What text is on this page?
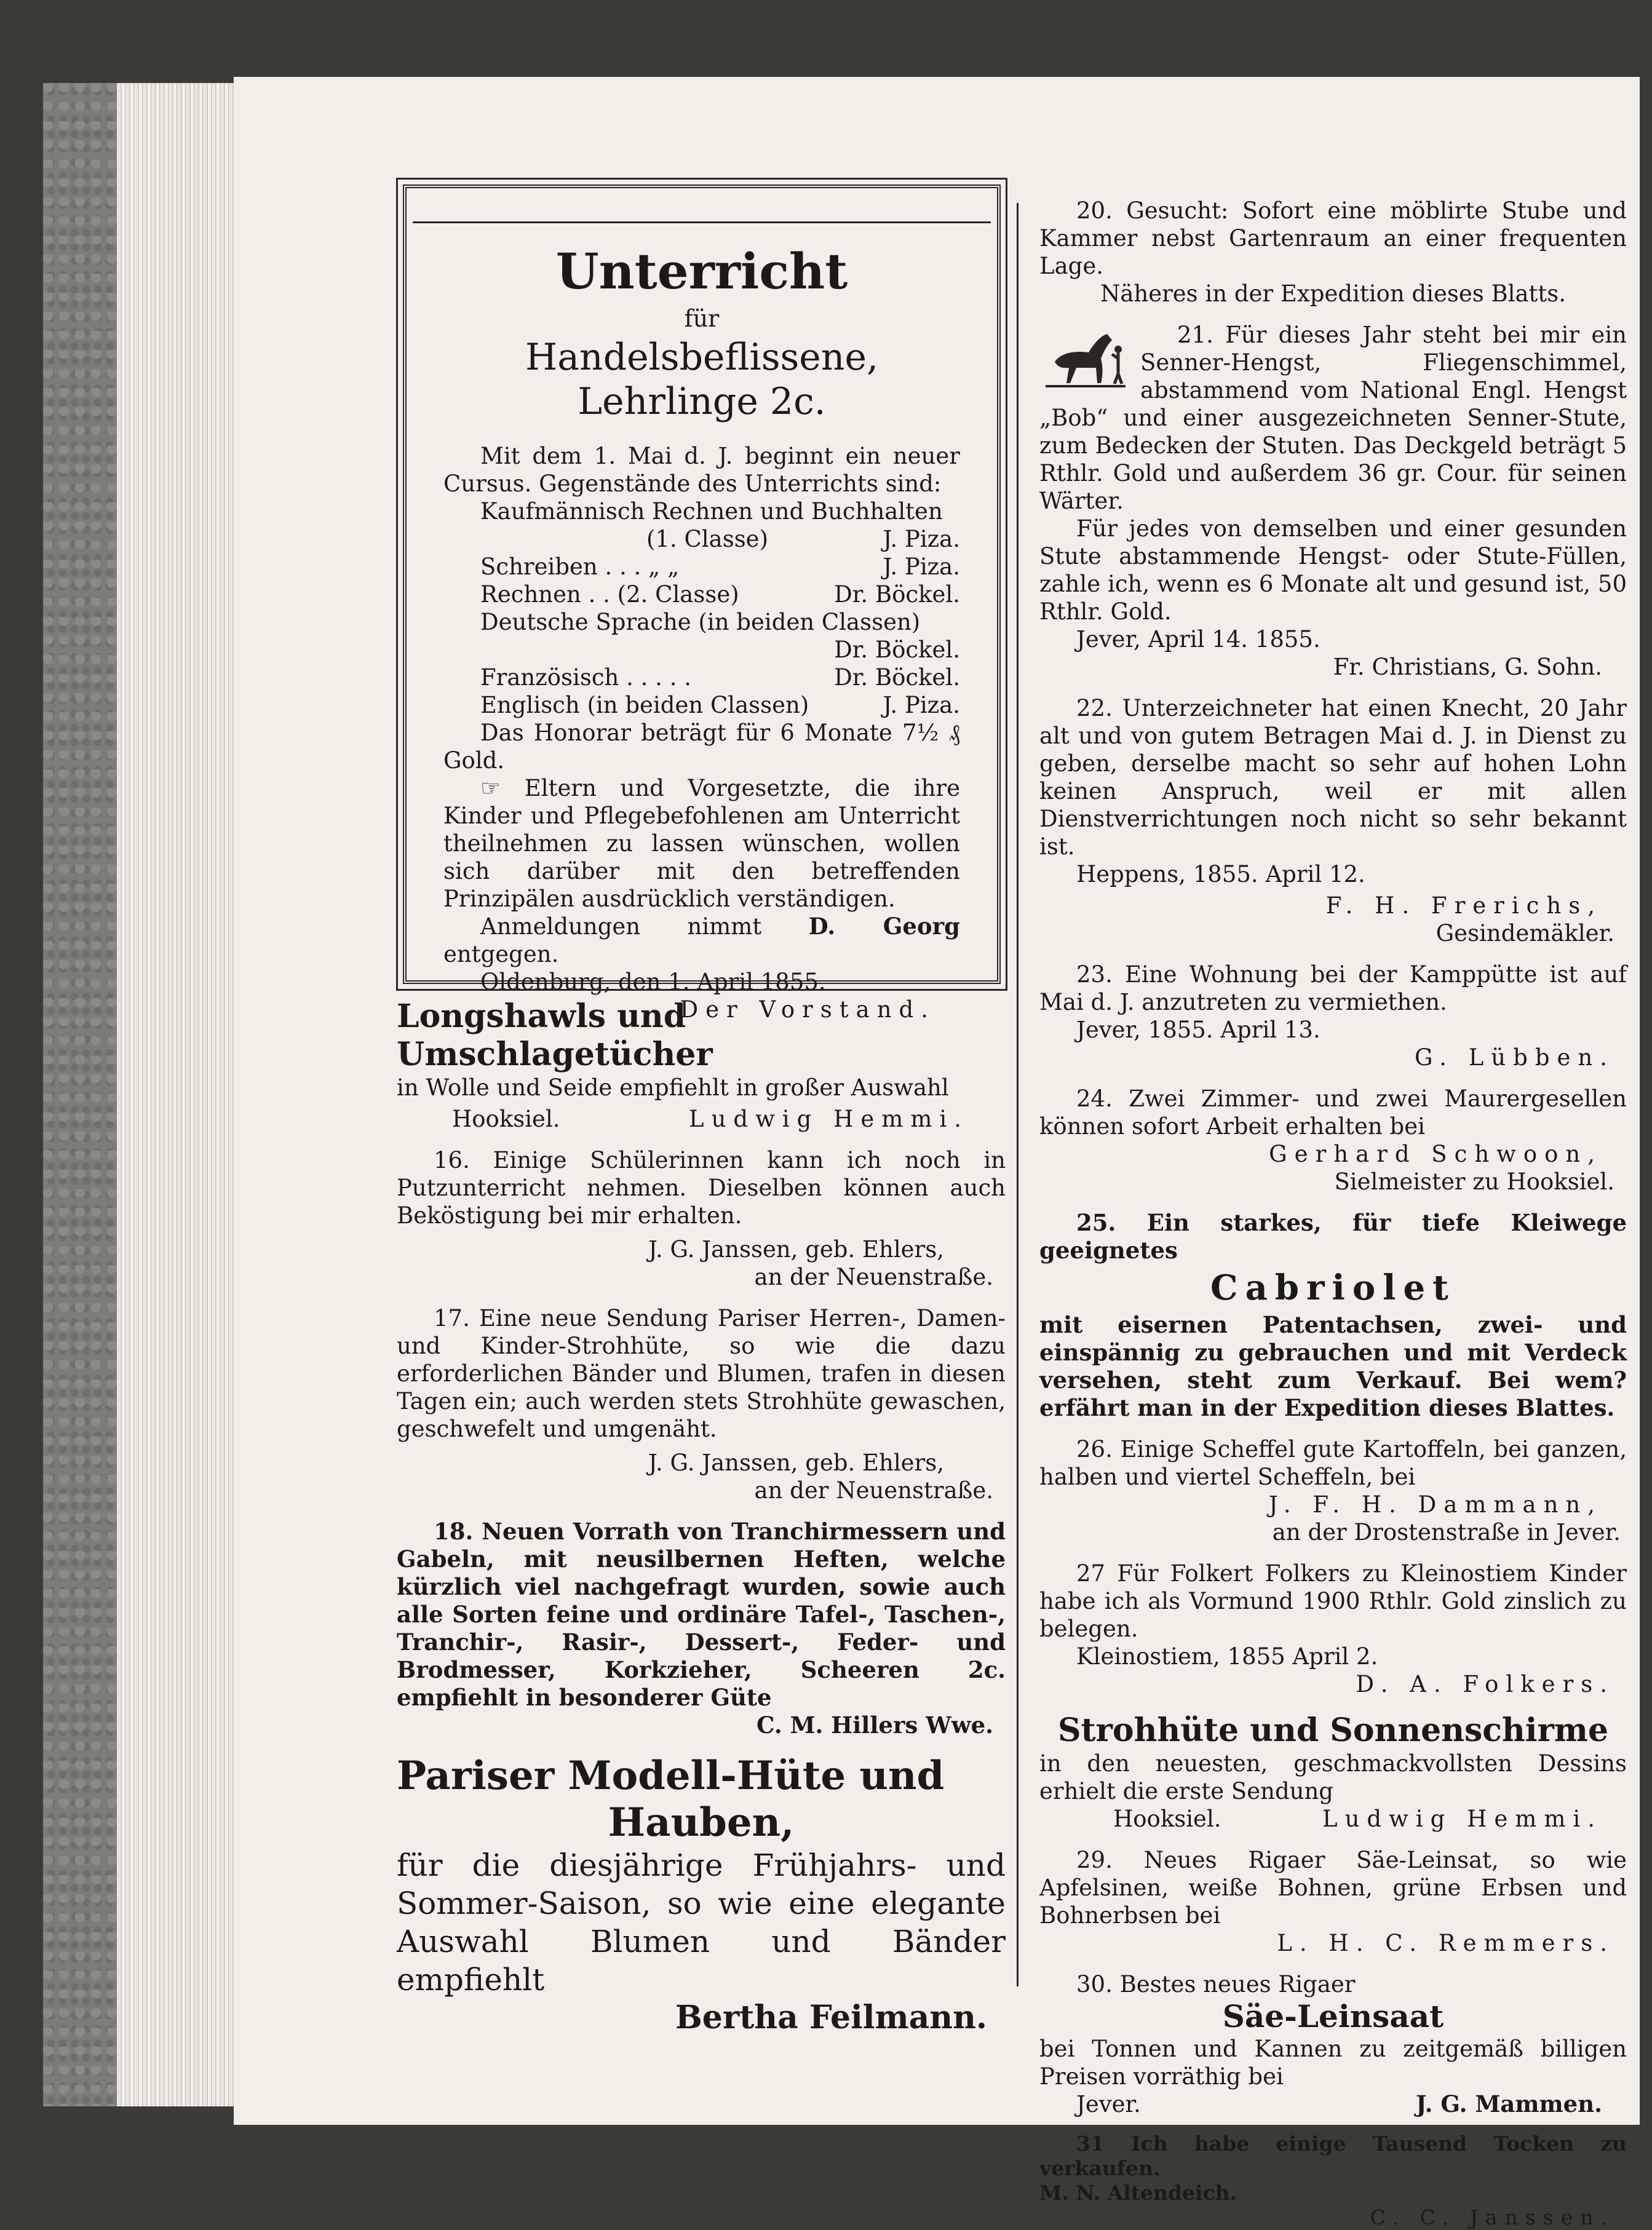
Unterricht

für

Handelsbeflissene, Lehrlinge 2c.

Mit dem 1. Mai d. J. beginnt ein neuer Cursus. Gegenstände des Unterrichts sind:

Kaufmännisch Rechnen und Buchhalten
(1. Classe)	J. Piza.
Schreiben . . . „ „	J. Piza.
Rechnen . . (2. Classe)	Dr. Böckel.
Deutsche Sprache (in beiden Classen)
Dr. Böckel.
Französisch . . . . .	Dr. Böckel.
Englisch (in beiden Classen)	J. Piza.

Das Honorar beträgt für 6 Monate 7½ ₰ Gold.

☞ Eltern und Vorgesetzte, die ihre Kinder und Pflegebefohlenen am Unterricht theilnehmen zu lassen wünschen, wollen sich darüber mit den betreffenden Prinzipälen ausdrücklich verständigen.

Anmeldungen nimmt D. Georg entgegen.

Oldenburg, den 1. April 1855.

Der Vorstand.

Longshawls und Umschlagetücher

in Wolle und Seide empfiehlt in großer Auswahl

Hooksiel.	Ludwig Hemmi.

16. Einige Schülerinnen kann ich noch in Putzunterricht nehmen. Dieselben können auch Beköstigung bei mir erhalten.

J. G. Janssen, geb. Ehlers,

an der Neuenstraße.

17. Eine neue Sendung Pariser Herren-, Damen- und Kinder-Strohhüte, so wie die dazu erforderlichen Bänder und Blumen, trafen in diesen Tagen ein; auch werden stets Strohhüte gewaschen, geschwefelt und umgenäht.

J. G. Janssen, geb. Ehlers,

an der Neuenstraße.

18. Neuen Vorrath von Tranchirmessern und Gabeln, mit neusilbernen Heften, welche kürzlich viel nachgefragt wurden, sowie auch alle Sorten feine und ordinäre Tafel-, Taschen-, Tranchir-, Rasir-, Dessert-, Feder- und Brodmesser, Korkzieher, Scheeren 2c. empfiehlt in besonderer Güte

C. M. Hillers Wwe.

Pariser Modell-Hüte und

Hauben,

für die diesjährige Frühjahrs- und Sommer-Saison, so wie eine elegante Auswahl Blumen und Bänder empfiehlt

Bertha Feilmann.

20. Gesucht: Sofort eine möblirte Stube und Kammer nebst Gartenraum an einer frequenten Lage.

Näheres in der Expedition dieses Blatts.

21. Für dieses Jahr steht bei mir ein Senner-Hengst, Fliegenschimmel, abstammend vom National Engl. Hengst „Bob“ und einer ausgezeichneten Senner-Stute, zum Bedecken der Stuten. Das Deckgeld beträgt 5 Rthlr. Gold und außerdem 36 gr. Cour. für seinen Wärter.

Für jedes von demselben und einer gesunden Stute abstammende Hengst- oder Stute-Füllen, zahle ich, wenn es 6 Monate alt und gesund ist, 50 Rthlr. Gold.

Jever, April 14. 1855.

Fr. Christians, G. Sohn.

22. Unterzeichneter hat einen Knecht, 20 Jahr alt und von gutem Betragen Mai d. J. in Dienst zu geben, derselbe macht so sehr auf hohen Lohn keinen Anspruch, weil er mit allen Dienstverrichtungen noch nicht so sehr bekannt ist.

Heppens, 1855. April 12.

F. H. Frerichs,

Gesindemäkler.

23. Eine Wohnung bei der Kamppütte ist auf Mai d. J. anzutreten zu vermiethen.

Jever, 1855. April 13.

G. Lübben.

24. Zwei Zimmer- und zwei Maurergesellen können sofort Arbeit erhalten bei

Gerhard Schwoon,

Sielmeister zu Hooksiel.

25. Ein starkes, für tiefe Kleiwege geeignetes

Cabriolet

mit eisernen Patentachsen, zwei- und einspännig zu gebrauchen und mit Verdeck versehen, steht zum Verkauf. Bei wem? erfährt man in der Expedition dieses Blattes.

26. Einige Scheffel gute Kartoffeln, bei ganzen, halben und viertel Scheffeln, bei

J. F. H. Dammann,

an der Drostenstraße in Jever.

27 Für Folkert Folkers zu Kleinostiem Kinder habe ich als Vormund 1900 Rthlr. Gold zinslich zu belegen.

Kleinostiem, 1855 April 2.

D. A. Folkers.

Strohhüte und Sonnenschirme

in den neuesten, geschmackvollsten Dessins erhielt die erste Sendung

Hooksiel.	Ludwig Hemmi.

29. Neues Rigaer Säe-Leinsat, so wie Apfelsinen, weiße Bohnen, grüne Erbsen und Bohnerbsen bei

L. H. C. Remmers.

30. Bestes neues Rigaer

Säe-Leinsaat

bei Tonnen und Kannen zu zeitgemäß billigen Preisen vorräthig bei

Jever.	J. G. Mammen.

31 Ich habe einige Tausend Tocken zu verkaufen.

M. N. Altendeich.

C. C. Janssen.
